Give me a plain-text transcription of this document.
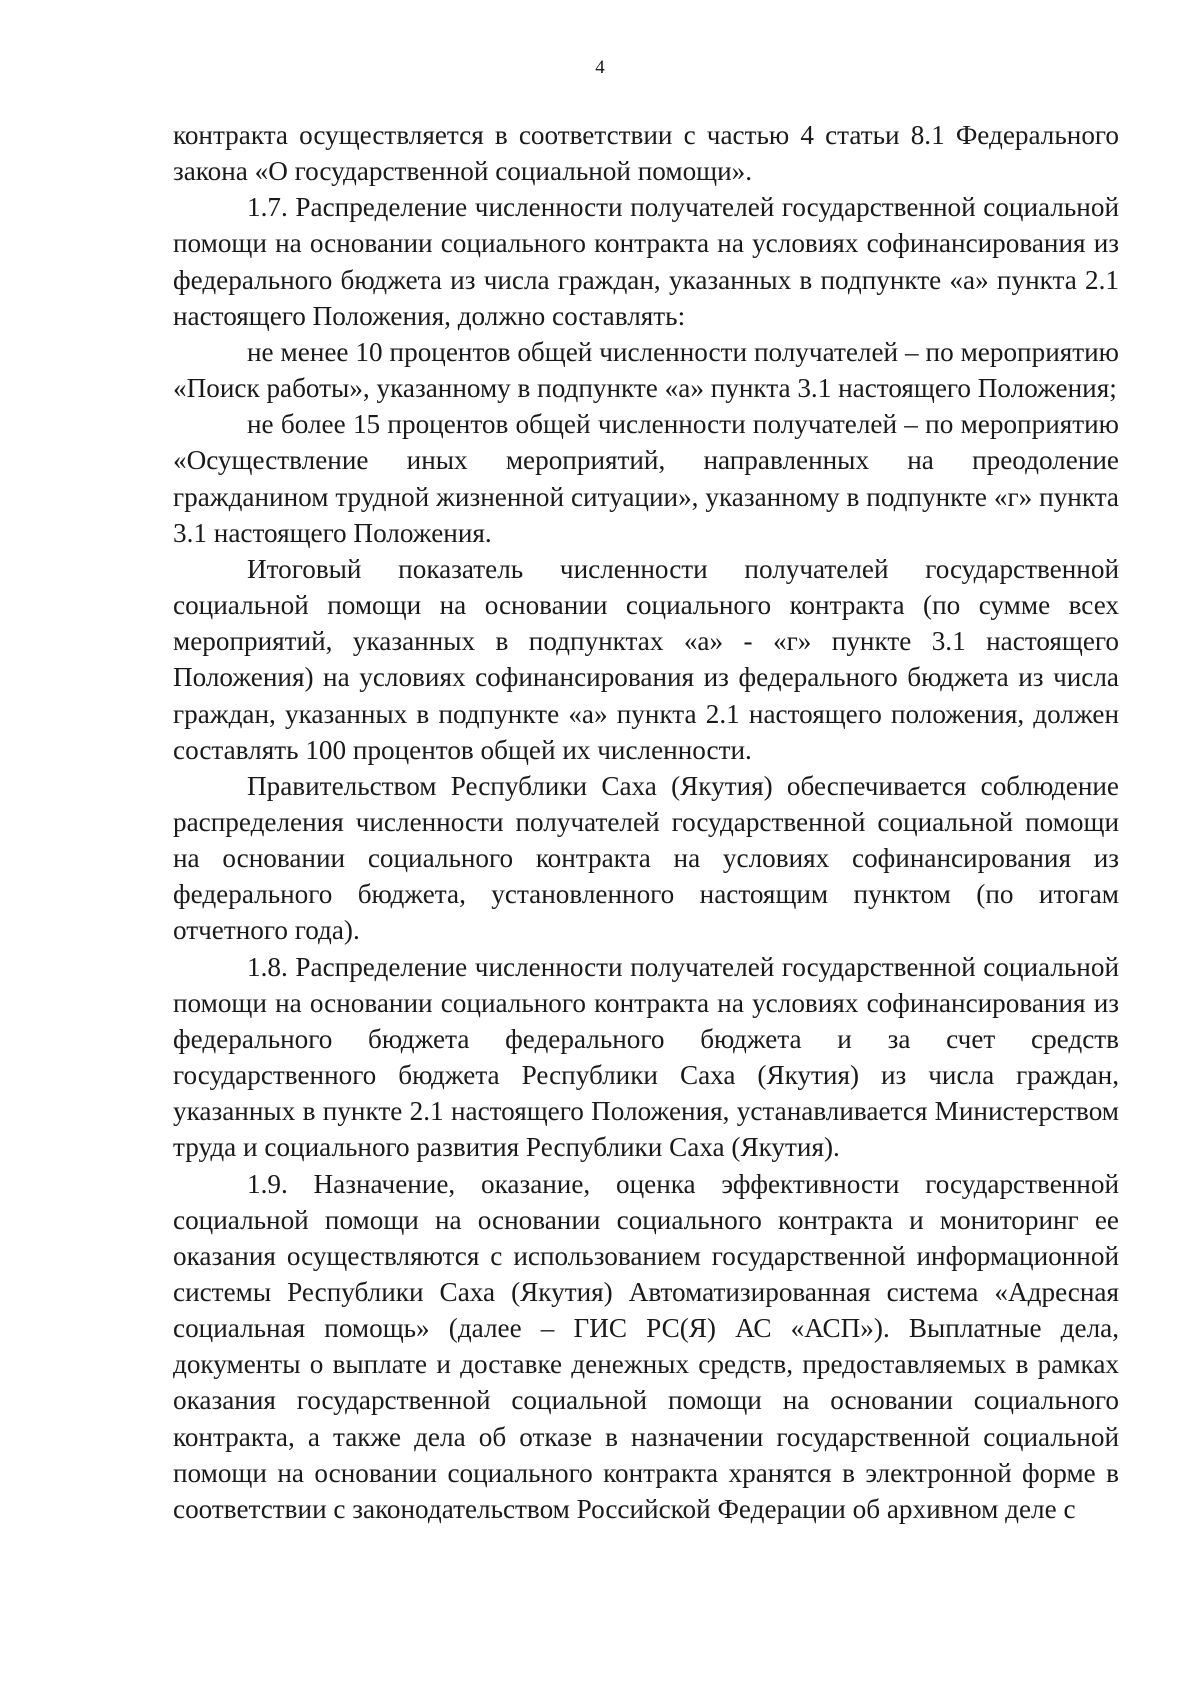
4

контракта осуществляется в соответствии с частью 4 статьи 8.1 Федерального закона «О государственной социальной помощи».

1.7. Распределение численности получателей государственной социальной помощи на основании социального контракта на условиях софинансирования из федерального бюджета из числа граждан, указанных в подпункте «а» пункта 2.1 настоящего Положения, должно составлять:

не менее 10 процентов общей численности получателей – по мероприятию «Поиск работы», указанному в подпункте «а» пункта 3.1 настоящего Положения;

не более 15 процентов общей численности получателей – по мероприятию «Осуществление иных мероприятий, направленных на преодоление гражданином трудной жизненной ситуации», указанному в подпункте «г» пункта 3.1 настоящего Положения.

Итоговый показатель численности получателей государственной социальной помощи на основании социального контракта (по сумме всех мероприятий, указанных в подпунктах «а» - «г» пункте 3.1 настоящего Положения) на условиях софинансирования из федерального бюджета из числа граждан, указанных в подпункте «а» пункта 2.1 настоящего положения, должен составлять 100 процентов общей их численности.

Правительством Республики Саха (Якутия) обеспечивается соблюдение распределения численности получателей государственной социальной помощи на основании социального контракта на условиях софинансирования из федерального бюджета, установленного настоящим пунктом (по итогам отчетного года).

1.8. Распределение численности получателей государственной социальной помощи на основании социального контракта на условиях софинансирования из федерального бюджета федерального бюджета и за счет средств государственного бюджета Республики Саха (Якутия) из числа граждан, указанных в пункте 2.1 настоящего Положения, устанавливается Министерством труда и социального развития Республики Саха (Якутия).

1.9. Назначение, оказание, оценка эффективности государственной социальной помощи на основании социального контракта и мониторинг ее оказания осуществляются с использованием государственной информационной системы Республики Саха (Якутия) Автоматизированная система «Адресная социальная помощь» (далее – ГИС РС(Я) АС «АСП»). Выплатные дела, документы о выплате и доставке денежных средств, предоставляемых в рамках оказания государственной социальной помощи на основании социального контракта, а также дела об отказе в назначении государственной социальной помощи на основании социального контракта хранятся в электронной форме в соответствии с законодательством Российской Федерации об архивном деле с
